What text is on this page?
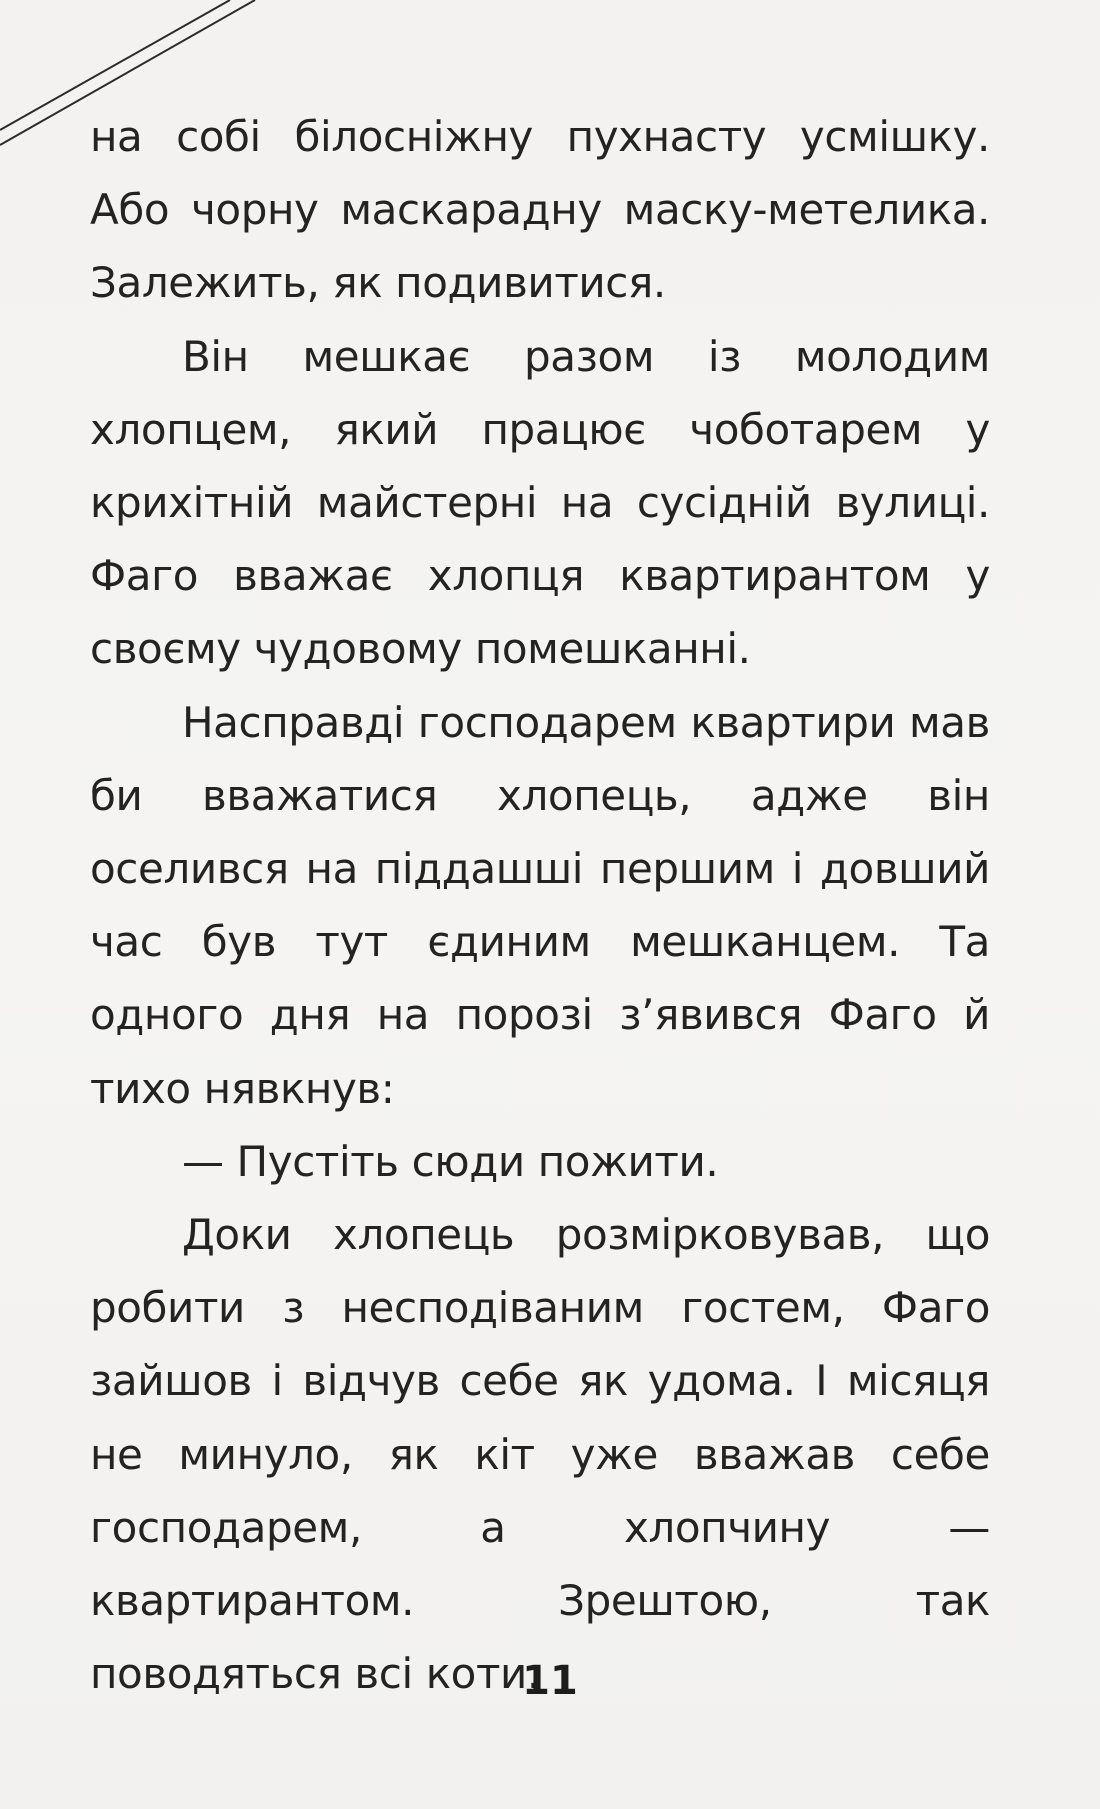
на собі білосніжну пухнасту усмішку. Або чорну маскарадну маску-метелика. Залежить, як подивитися.

Він мешкає разом із молодим хлопцем, який працює чоботарем у крихітній майстерні на сусідній вулиці. Фаго вважає хлопця квартирантом у своєму чудовому помешканні.

Насправді господарем квартири мав би вважатися хлопець, адже він оселився на піддашші першим і довший час був тут єдиним мешканцем. Та одного дня на порозі з’явився Фаго й тихо нявкнув:

— Пустіть сюди пожити.

Доки хлопець розмірковував, що робити з несподіваним гостем, Фаго зайшов і відчув себе як удома. І місяця не минуло, як кіт уже вважав себе господарем, а хлопчину — квартирантом. Зрештою, так поводяться всі коти.

11
